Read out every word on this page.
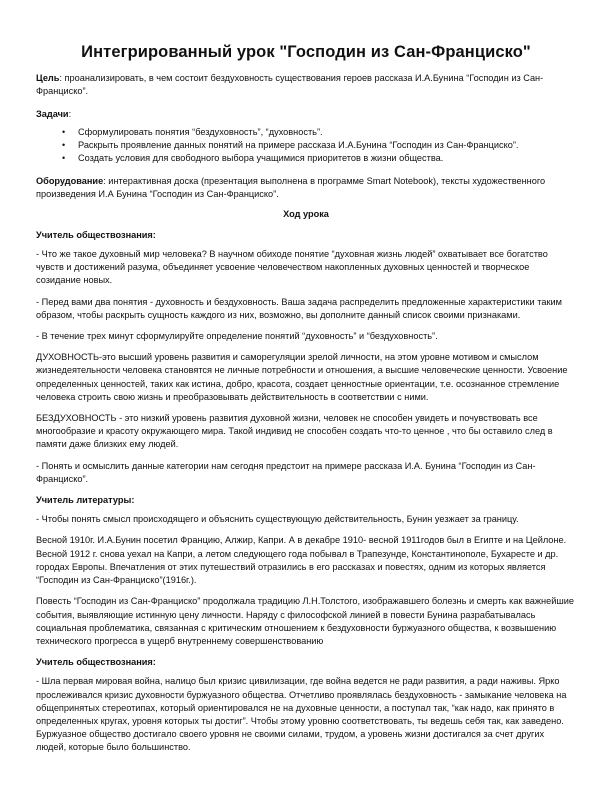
Интегрированный урок "Господин из Сан-Франциско"

Цель: проанализировать, в чем состоит бездуховность существования героев рассказа И.А.Бунина “Господин из Сан-Франциско”.

Задачи:

• Сформулировать понятия “бездуховность”, “духовность”.
• Раскрыть проявление данных понятий на примере рассказа И.А.Бунина “Господин из Сан-Франциско”.
• Создать условия для свободного выбора учащимися приоритетов в жизни общества.

Оборудование: интерактивная доска (презентация выполнена в программе Smart Notebook), тексты художественного произведения И.А Бунина “Господин из Сан-Франциско”.

Ход урока

Учитель обществознания:

- Что же такое духовный мир человека? В научном обиходе понятие “духовная жизнь людей” охватывает все богатство чувств и достижений разума, объединяет усвоение человечеством накопленных духовных ценностей и творческое созидание новых.

- Перед вами два понятия - духовность и бездуховность. Ваша задача распределить предложенные характеристики таким образом, чтобы раскрыть сущность каждого из них, возможно, вы дополните данный список своими признаками.

- В течение трех минут сформулируйте определение понятий “духовность” и “бездуховность”.

ДУХОВНОСТЬ-это высший уровень развития и саморегуляции зрелой личности, на этом уровне мотивом и смыслом жизнедеятельности человека становятся не личные потребности и отношения, а высшие человеческие ценности. Усвоение определенных ценностей, таких как истина, добро, красота, создает ценностные ориентации, т.е. осознанное стремление человека строить свою жизнь и преобразовывать действительность в соответствии с ними.

БЕЗДУХОВНОСТЬ - это низкий уровень развития духовной жизни, человек не способен увидеть и почувствовать все многообразие и красоту окружающего мира. Такой индивид не способен создать что-то ценное , что бы оставило след в памяти даже близких ему людей.

- Понять и осмыслить данные категории нам сегодня предстоит на примере рассказа И.А. Бунина “Господин из Сан-Франциско”.

Учитель литературы:

- Чтобы понять смысл происходящего и объяснить существующую действительность, Бунин уезжает за границу.

Весной 1910г. И.А.Бунин посетил Францию, Алжир, Капри. А в декабре 1910- весной 1911годов был в Египте и на Цейлоне. Весной 1912 г. снова уехал на Капри, а летом следующего года побывал в Трапезунде, Константинополе, Бухаресте и др. городах Европы. Впечатления от этих путешествий отразились в его рассказах и повестях, одним из которых является “Господин из Сан-Франциско”(1916г.).

Повесть “Господин из Сан-Франциско” продолжала традицию Л.Н.Толстого, изображавшего болезнь и смерть как важнейшие события, выявляющие истинную цену личности. Наряду с философской линией в повести Бунина разрабатывалась социальная проблематика, связанная с критическим отношением к бездуховности буржуазного общества, к возвышению технического прогресса в ущерб внутреннему совершенствованию

Учитель обществознания:

- Шла первая мировая война, налицо был кризис цивилизации, где война ведется не ради развития, а ради наживы. Ярко прослеживался кризис духовности буржуазного общества. Отчетливо проявлялась бездуховность - замыкание человека на общепринятых стереотипах, который ориентировался не на духовные ценности, а поступал так, “как надо, как принято в определенных кругах, уровня которых ты достиг”. Чтобы этому уровню соответствовать, ты ведешь себя так, как заведено. Буржуазное общество достигало своего уровня не своими силами, трудом, а уровень жизни достигался за счет других людей, которые было большинство.
